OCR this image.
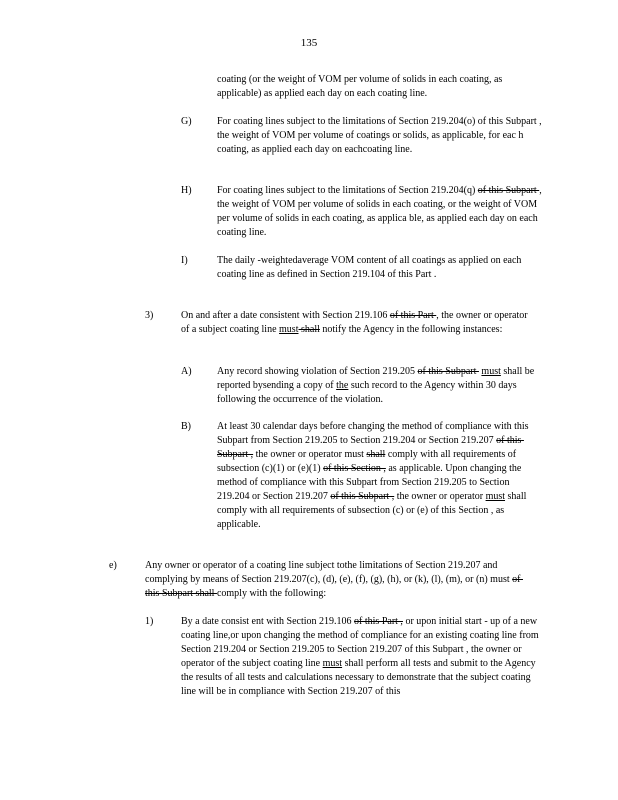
135
coating (or the weight of VOM per volume of solids in each coating, as applicable) as applied each day on each coating line.
G)	For coating lines subject to the limitations of Section 219.204(o) of this Subpart , the weight of VOM per volume of coatings or solids, as applicable, for eac h coating, as applied each day on eachcoating line.
H)	For coating lines subject to the limitations of Section 219.204(q) of this Subpart , the weight of VOM per volume of solids in each coating, or the weight of VOM per volume of solids in each coating, as applica ble, as applied each day on each coating line.
I)	The daily -weightedaverage VOM content of all coatings as applied on each coating line as defined in Section 219.104 of this Part .
3)	On and after a date consistent with Section 219.106 of this Part , the owner or operator of a subject coating line must shall notify the Agency in the following instances:
A)	Any record showing violation of Section 219.205 of this Subpart  must shall be reported bysending a copy of the such record to the Agency within 30 days following the occurrence of the violation.
B)	At least 30 calendar days before changing the method of compliance with this Subpart from Section 219.205 to Section 219.204 or Section 219.207 of this Subpart , the owner or operator must shall comply with all requirements of subsection (c)(1) or (e)(1) of this Section , as applicable. Upon changing the method of compliance with this Subpart from Section 219.205 to Section 219.204 or Section 219.207 of this Subpart , the owner or operator must shall comply with all requirements of subsection (c) or (e) of this Section , as applicable.
e)	Any owner or operator of a coating line subject tothe limitations of Section 219.207 and complying by means of Section 219.207(c), (d), (e), (f), (g), (h), or (k), (l), (m), or (n) must of this Subpart shall comply with the following:
1)	By a date consist ent with Section 219.106 of this Part , or upon initial start - up of a new coating line,or upon changing the method of compliance for an existing coating line from Section 219.204 or Section 219.205 to Section 219.207 of this Subpart , the owner or operator of the subject coating line must shall perform all tests and submit to the Agency the results of all tests and calculations necessary to demonstrate that the subject coating line will be in compliance with Section 219.207 of this
